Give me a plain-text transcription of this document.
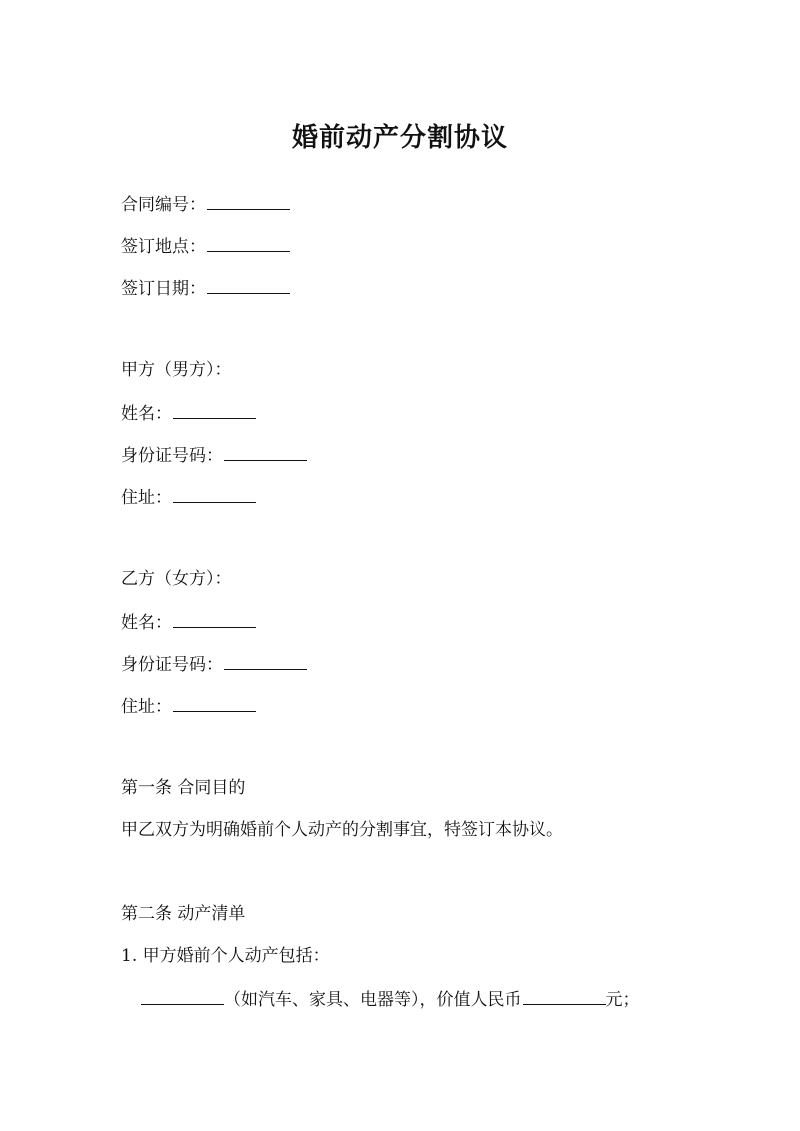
婚前动产分割协议
合同编号：
签订地点：
签订日期：
甲方（男方）：
姓名：
身份证号码：
住址：
乙方（女方）：
姓名：
身份证号码：
住址：
第一条 合同目的
甲乙双方为明确婚前个人动产的分割事宜，特签订本协议。
第二条 动产清单
1. 甲方婚前个人动产包括：
（如汽车、家具、电器等），价值人民币	元；
